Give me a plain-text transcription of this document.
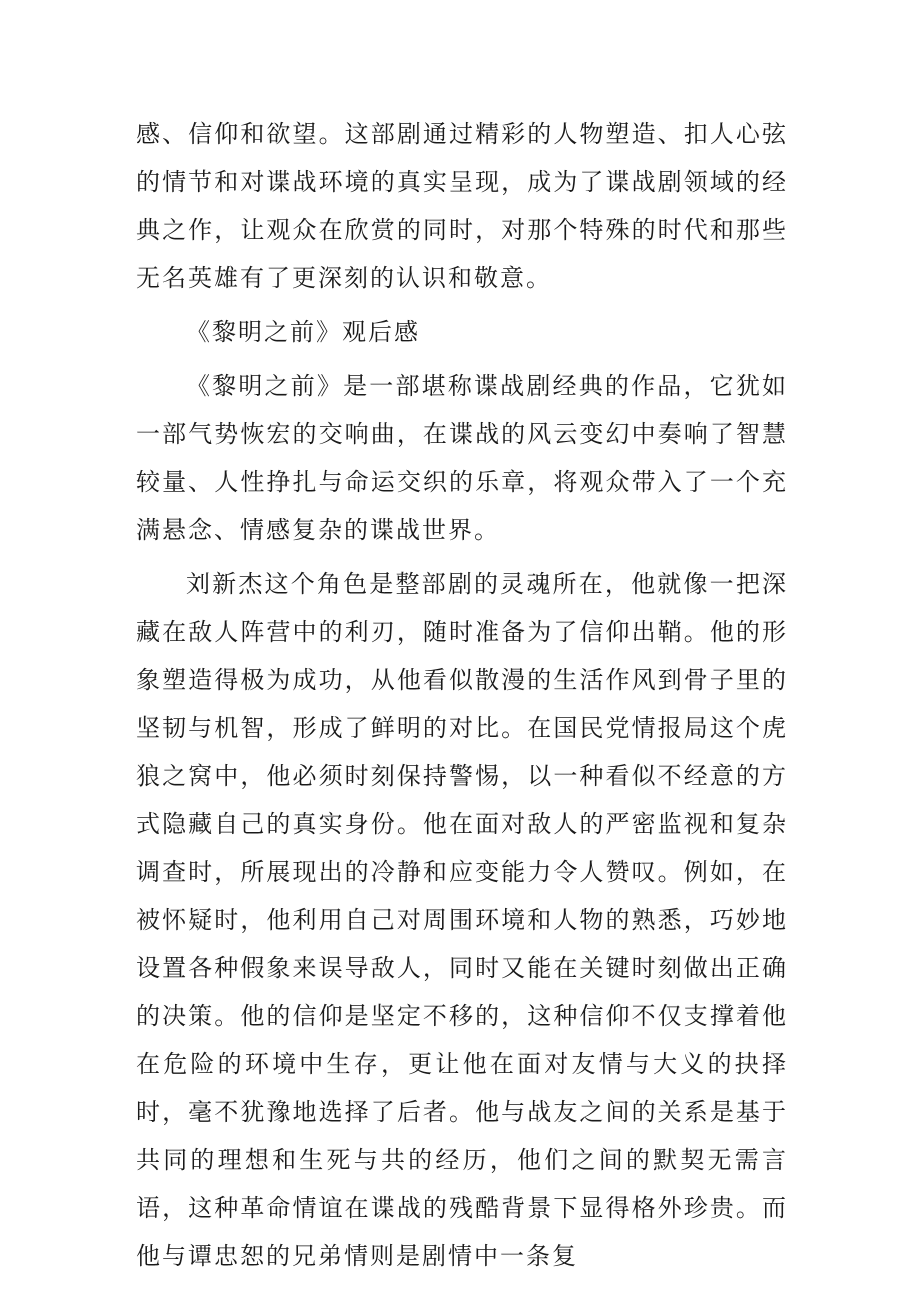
感、信仰和欲望。这部剧通过精彩的人物塑造、扣人心弦的情节和对谍战环境的真实呈现，成为了谍战剧领域的经典之作，让观众在欣赏的同时，对那个特殊的时代和那些无名英雄有了更深刻的认识和敬意。

《黎明之前》观后感

《黎明之前》是一部堪称谍战剧经典的作品，它犹如一部气势恢宏的交响曲，在谍战的风云变幻中奏响了智慧较量、人性挣扎与命运交织的乐章，将观众带入了一个充满悬念、情感复杂的谍战世界。

刘新杰这个角色是整部剧的灵魂所在，他就像一把深藏在敌人阵营中的利刃，随时准备为了信仰出鞘。他的形象塑造得极为成功，从他看似散漫的生活作风到骨子里的坚韧与机智，形成了鲜明的对比。在国民党情报局这个虎狼之窝中，他必须时刻保持警惕，以一种看似不经意的方式隐藏自己的真实身份。他在面对敌人的严密监视和复杂调查时，所展现出的冷静和应变能力令人赞叹。例如，在被怀疑时，他利用自己对周围环境和人物的熟悉，巧妙地设置各种假象来误导敌人，同时又能在关键时刻做出正确的决策。他的信仰是坚定不移的，这种信仰不仅支撑着他在危险的环境中生存，更让他在面对友情与大义的抉择时，毫不犹豫地选择了后者。他与战友之间的关系是基于共同的理想和生死与共的经历，他们之间的默契无需言语，这种革命情谊在谍战的残酷背景下显得格外珍贵。而他与谭忠恕的兄弟情则是剧情中一条复
